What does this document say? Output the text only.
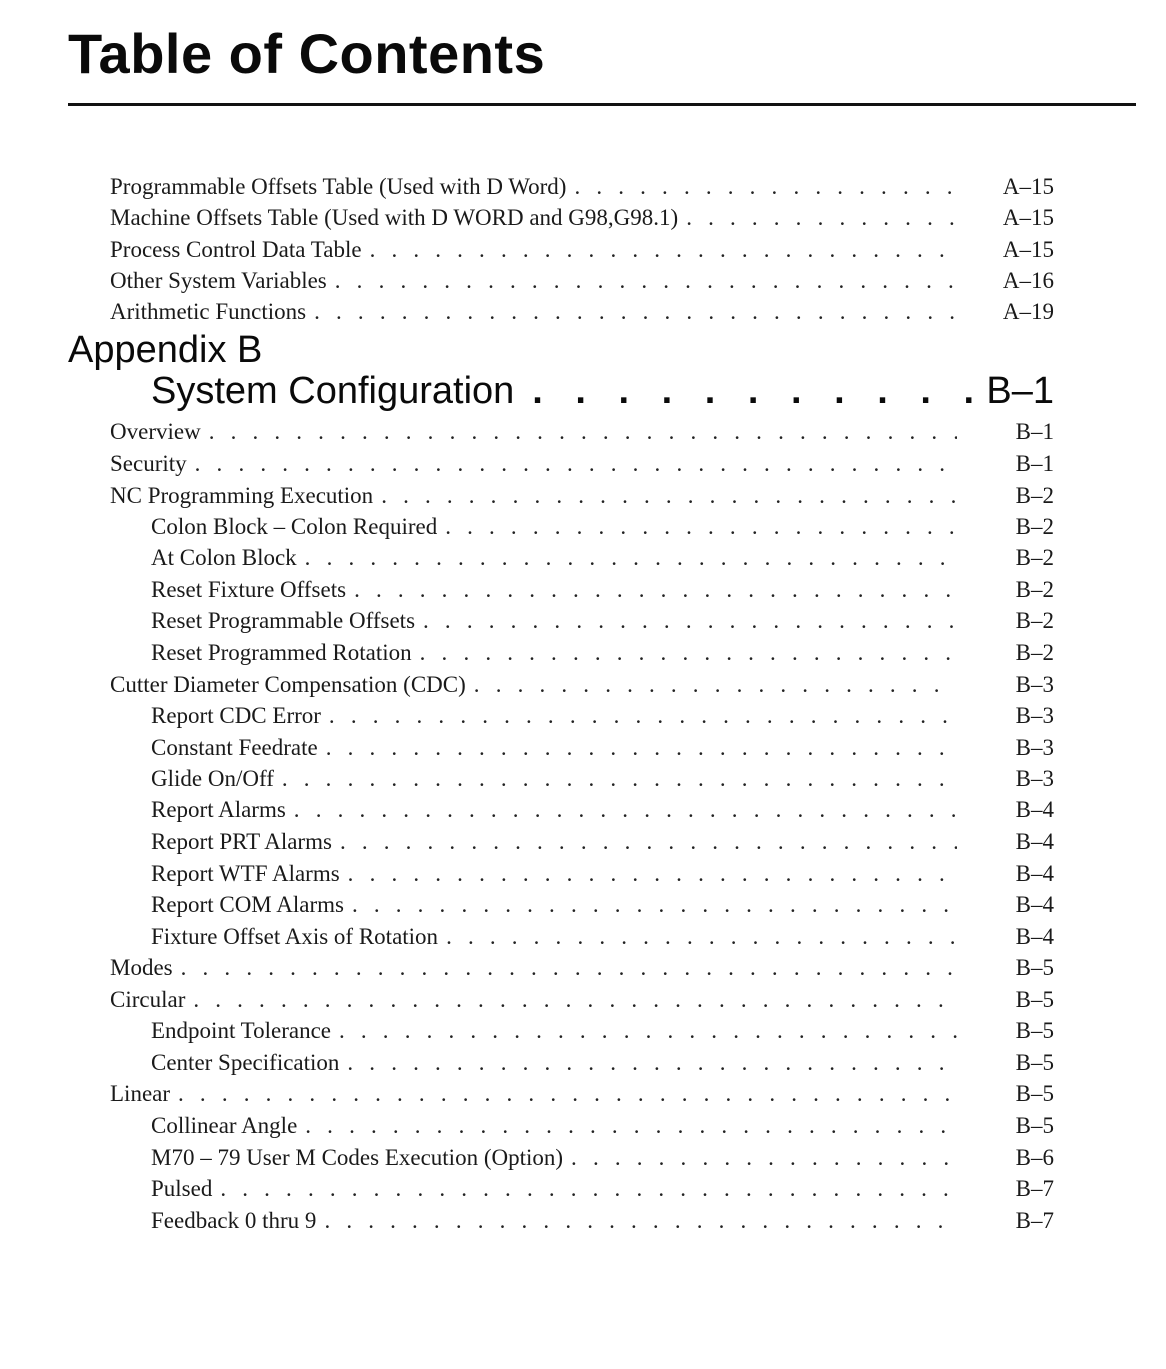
Table of Contents
Programmable Offsets Table (Used with D Word) . . .	A–15
Machine Offsets Table (Used with D WORD and G98,G98.1) . . .	A–15
Process Control Data Table . . .	A–15
Other System Variables . . .	A–16
Arithmetic Functions . . .	A–19
Appendix B
System Configuration . . .	B–1
Overview . . .	B–1
Security . . .	B–1
NC Programming Execution . . .	B–2
Colon Block – Colon Required . . .	B–2
At Colon Block . . .	B–2
Reset Fixture Offsets . . .	B–2
Reset Programmable Offsets . . .	B–2
Reset Programmed Rotation . . .	B–2
Cutter Diameter Compensation (CDC) . . .	B–3
Report CDC Error . . .	B–3
Constant Feedrate . . .	B–3
Glide On/Off . . .	B–3
Report Alarms . . .	B–4
Report PRT Alarms . . .	B–4
Report WTF Alarms . . .	B–4
Report COM Alarms . . .	B–4
Fixture Offset Axis of Rotation . . .	B–4
Modes . . .	B–5
Circular . . .	B–5
Endpoint Tolerance . . .	B–5
Center Specification . . .	B–5
Linear . . .	B–5
Collinear Angle . . .	B–5
M70 – 79 User M Codes Execution (Option) . . .	B–6
Pulsed . . .	B–7
Feedback 0 thru 9 . . .	B–7
